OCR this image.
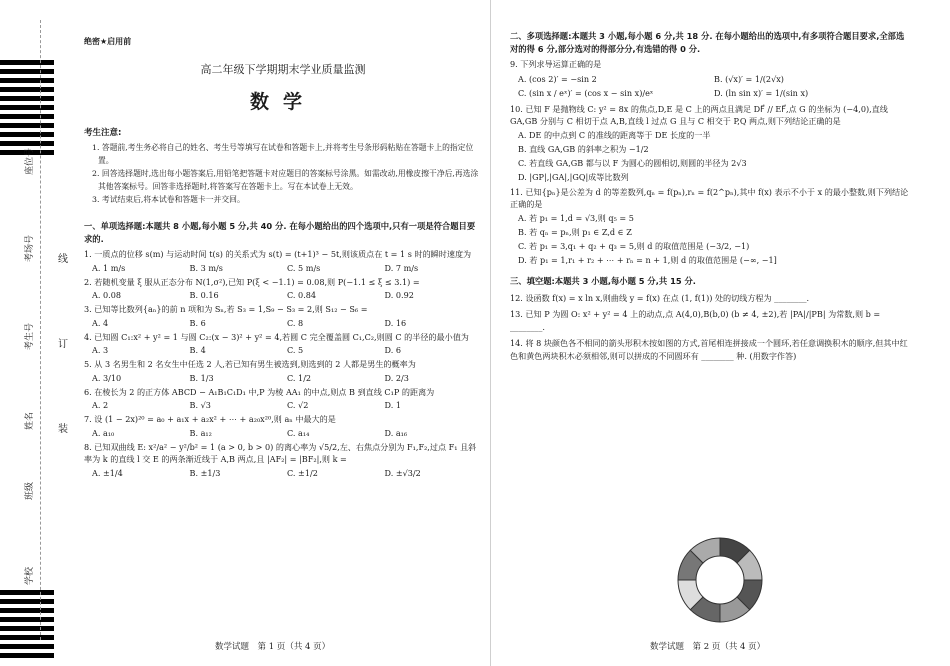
座位号
考场号
考生号
姓名
班级
学校
线
订
装
绝密★启用前
高二年级下学期期末学业质量监测
数学
考生注意:
1. 答题前,考生务必将自己的姓名、考生号等填写在试卷和答题卡上,并将考生号条形码粘贴在答题卡上的指定位置。
2. 回答选择题时,选出每小题答案后,用铅笔把答题卡对应题目的答案标号涂黑。如需改动,用橡皮擦干净后,再选涂其他答案标号。回答非选择题时,将答案写在答题卡上。写在本试卷上无效。
3. 考试结束后,将本试卷和答题卡一并交回。
一、单项选择题:本题共 8 小题,每小题 5 分,共 40 分. 在每小题给出的四个选项中,只有一项是符合题目要求的.
1. 一质点的位移 s(m) 与运动时间 t(s) 的关系式为 s(t) = (t+1)³ − 5t,则该质点在 t = 1 s 时的瞬时速度为
A. 1 m/s	B. 3 m/s	C. 5 m/s	D. 7 m/s
2. 若随机变量 ξ 服从正态分布 N(1,σ²),已知 P(ξ < −1.1) = 0.08,则 P(−1.1 ≤ ξ ≤ 3.1) =
A. 0.08	B. 0.16	C. 0.84	D. 0.92
3. 已知等比数列{aₙ}的前 n 项和为 Sₙ,若 S₃ = 1,S₉ − S₃ = 2,则 S₁₂ − S₆ =
A. 4	B. 6	C. 8	D. 16
4. 已知圆 C₁:x² + y² = 1 与圆 C₂:(x − 3)² + y² = 4,若圆 C 完全覆盖圆 C₁,C₂,则圆 C 的半径的最小值为
A. 3	B. 4	C. 5	D. 6
5. 从 3 名男生和 2 名女生中任选 2 人,若已知有男生被选到,则选到的 2 人都是男生的概率为
A. 3/10	B. 1/3	C. 1/2	D. 2/3
6. 在棱长为 2 的正方体 ABCD − A₁B₁C₁D₁ 中,P 为棱 AA₁ 的中点,则点 B 到直线 C₁P 的距离为
A. 2	B. √3	C. √2	D. 1
7. 设 (1 − 2x)²⁰ = a₀ + a₁x + a₂x² + ⋯ + a₂₀x²⁰,则 aₙ 中最大的是
A. a₁₀	B. a₁₂	C. a₁₄	D. a₁₆
8. 已知双曲线 E: x²/a² − y²/b² = 1 (a > 0, b > 0) 的离心率为 √5/2,左、右焦点分别为 F₁,F₂,过点 F₁ 且斜率为 k 的直线 l 交 E 的两条渐近线于 A,B 两点,且 |AF₂| = |BF₂|,则 k =
A. ±1/4	B. ±1/3	C. ±1/2	D. ±√3/2
数学试题　第 1 页（共 4 页）
二、多项选择题:本题共 3 小题,每小题 6 分,共 18 分. 在每小题给出的选项中,有多项符合题目要求,全部选对的得 6 分,部分选对的得部分分,有选错的得 0 分.
9. 下列求导运算正确的是
A. (cos 2)′ = −sin 2	B. (√x)′ = 1/(2√x)
C. (sin x / eˣ)′ = (cos x − sin x)/eˣ	D. (ln sin x)′ = 1/(sin x)
10. 已知 F 是抛物线 C: y² = 8x 的焦点,D,E 是 C 上的两点且满足 DF⃗ // EF⃗,点 G 的坐标为 (−4,0),直线 GA,GB 分别与 C 相切于点 A,B,直线 l 过点 G 且与 C 相交于 P,Q 两点,则下列结论正确的是
A. DE 的中点到 C 的准线的距离等于 DE 长度的一半
B. 直线 GA,GB 的斜率之积为 −1/2
C. 若直线 GA,GB 都与以 F 为圆心的圆相切,则圆的半径为 2√3
D. |GP|,|GA|,|GQ|成等比数列
11. 已知{pₙ}是公差为 d 的等差数列,qₙ = f(pₙ),rₙ = f(2^pₙ),其中 f(x) 表示不小于 x 的最小整数,则下列结论正确的是
A. 若 p₁ = 1,d = √3,则 q₅ = 5
B. 若 qₙ = pₙ,则 p₁ ∈ Z,d ∈ Z
C. 若 p₁ = 3,q₁ + q₂ + q₃ = 5,则 d 的取值范围是 (−3/2, −1)
D. 若 p₁ = 1,r₁ + r₂ + ⋯ + rₙ = n + 1,则 d 的取值范围是 (−∞, −1]
三、填空题:本题共 3 小题,每小题 5 分,共 15 分.
12. 设函数 f(x) = x ln x,则曲线 y = f(x) 在点 (1, f(1)) 处的切线方程为 ________.
13. 已知 P 为圆 O: x² + y² = 4 上的动点,点 A(4,0),B(b,0) (b ≠ 4, ±2),若 |PA|/|PB| 为常数,则 b = ________.
14. 将 8 块颜色各不相同的箭头形积木按如图的方式,首尾相连拼接成一个圆环,若任意调换积木的顺序,但其中红色和黄色两块积木必须相邻,则可以拼成的不同圆环有 ________ 种. (用数字作答)
数学试题　第 2 页（共 4 页）
